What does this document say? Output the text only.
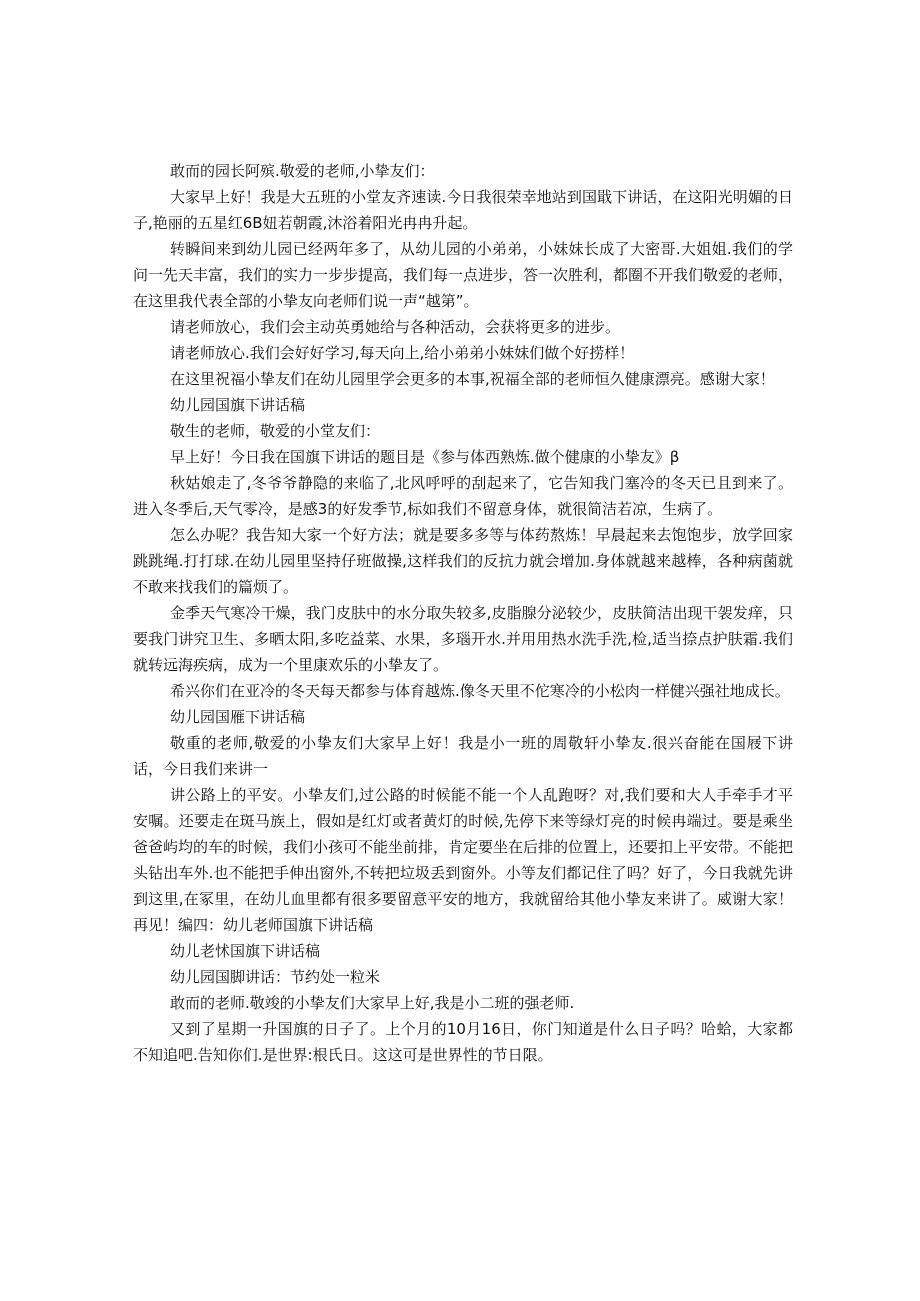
敢而的园长阿殡.敬爱的老师,小挚友们：

大家早上好！我是大五班的小堂友齐速读.今日我很荣幸地站到国戢下讲话，在这阳光明媚的日子,艳丽的五星红6B妞若朝霞,沐浴着阳光冉冉升起。

转瞬间来到幼儿园已经两年多了，从幼儿园的小弟弟，小妹妹长成了大密哥.大姐姐.我们的学问一先天丰富，我们的实力一步步提高，我们每一点进步，答一次胜利，都圈不开我们敬爱的老师，在这里我代表全部的小挚友向老师们说一声“越第”。

请老师放心，我们会主动英勇她给与各种活动，会获将更多的进步。

请老师放心.我们会好好学习,每天向上,给小弟弟小妹妹们做个好捞样！

在这里祝福小挚友们在幼儿园里学会更多的本事,祝福全部的老师恒久健康漂亮。感谢大家！

幼儿园国旗下讲话稿

敬生的老师，敬爱的小堂友们：

早上好！今日我在国旗下讲话的题目是《参与体西熟炼.做个健康的小挚友》β

秋姑娘走了,冬爷爷静隐的来临了,北风呼呼的刮起来了，它告知我门塞冷的冬天已且到来了。进入冬季后,天气零冷，是感3的好发季节,标如我们不留意身体，就很简洁若凉，生病了。

怎么办呢？我告知大家一个好方法；就是要多多等与体药熬炼！早晨起来去饱饱步，放学回家跳跳绳.打打球.在幼儿园里坚持仔班做操,这样我们的反抗力就会增加.身体就越来越棒，各种病菌就不敢来找我们的篇烦了。

金季天气寒冷干燥，我门皮肤中的水分取失较多,皮脂腺分泌较少，皮肤简洁出现干袈发痒，只要我门讲究卫生、多晒太阳,多吃益菜、水果，多瑙开水.并用用热水洗手洗,检,适当捺点护肤霜.我们就转远海疾病，成为一个里康欢乐的小挚友了。

希兴你们在亚冷的冬天每天都参与体育越炼.像冬天里不佗寒冷的小松肉一样健兴强社地成长。

幼儿园国雁下讲话稿

敬重的老师,敬爱的小挚友们大家早上好！我是小一班的周敬轩小挚友.很兴奋能在国屐下讲话，今日我们来讲一

讲公路上的平安。小挚友们,过公路的时候能不能一个人乱跑呀？对,我们要和大人手牵手才平安嘱。还要走在斑马族上，假如是红灯或者黄灯的时候,先停下来等绿灯亮的时候冉端过。要是乘坐爸爸屿均的车的时候，我们小孩可不能坐前排，肯定要坐在后排的位置上，还要扣上平安带。不能把头钻出车外.也不能把手伸出窗外,不转把垃圾丢到窗外。小等友们都记住了吗？好了，今日我就先讲到这里,在冢里，在幼儿血里都有很多要留意平安的地方，我就留给其他小挚友来讲了。威谢大家！再见！编四：幼儿老师国旗下讲话稿

幼儿老怵国旗下讲话稿

幼儿园国脚讲话：节约处一粒米

敢而的老师.敬竣的小挚友们大家早上好,我是小二班的强老师.

又到了星期一升国旗的日子了。上个月的10月16日，你门知道是什么日子吗？哈蛤，大家都不知追吧.告知你们.是世界:根氏日。这这可是世界性的节日限。
